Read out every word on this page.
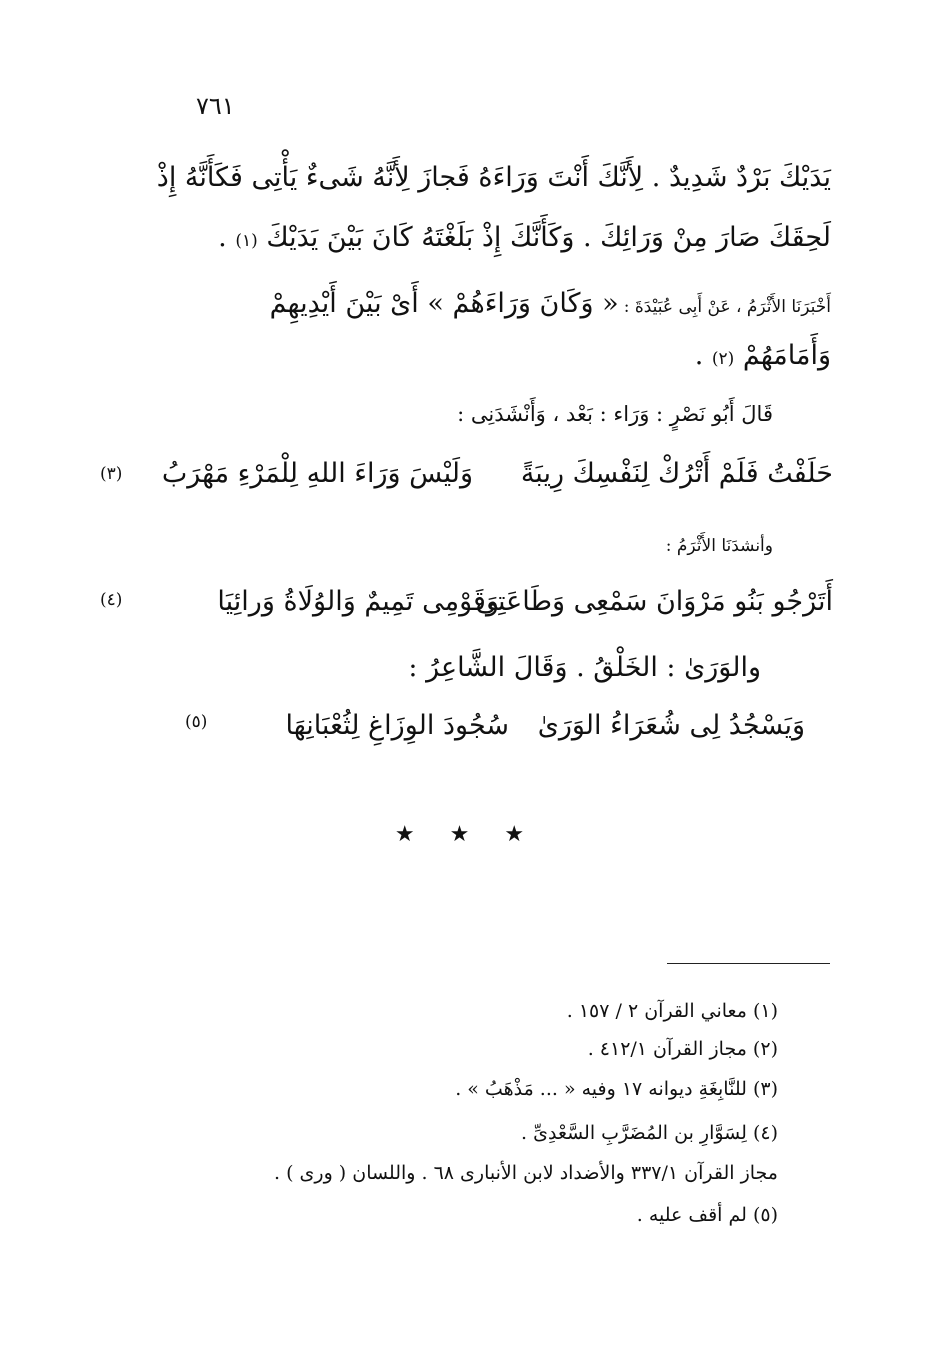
٧٦١
يَدَيْكَ بَرْدٌ شَدِيدٌ . لِأَنَّكَ أَنْتَ وَرَاءَهُ فَجازَ لِأَنَّهُ شَىءٌ يَأْتِى فَكَأَنَّهُ إِذْ
لَحِقَكَ صَارَ مِنْ وَرَائِكَ . وَكَأَنَّكَ إِذْ بَلَغْتَهُ كَانَ بَيْنَ يَدَيْكَ (١) .
أَخْبَرَنَا الأَثْرَمُ ، عَنْ أَبِى عُبَيْدَةَ : « وَكَانَ وَرَاءَهُمْ » أَىْ بَيْنَ أَيْدِيهِمْ
وَأَمَامَهُمْ (٢) .
قَالَ أَبُو نَصْرٍ : وَرَاء : بَعْد ، وَأَنْشَدَنِى :
حَلَفْتُ فَلَمْ أَتْرُكْ لِنَفْسِكَ رِيبَةً
وَلَيْسَ وَرَاءَ اللهِ لِلْمَرْءِ مَهْرَبُ
(٣)
وأنشدَنَا الأَثْرَمُ :
أَتَرْجُو بَنُو مَرْوَانَ سَمْعِى وَطَاعَتِى
وَقَوْمِى تَمِيمٌ وَالوُلَاةُ وَرائِيَا
(٤)
والوَرَىٰ : الخَلْقُ . وَقَالَ الشَّاعِرُ :
وَيَسْجُدُ لِى شُعَرَاءُ الوَرَىٰ
سُجُودَ الوِزَاغِ لِثُعْبَانِهَا
(٥)
★ ★ ★
(١) معاني القرآن ٢ / ١٥٧ .
(٢) مجاز القرآن ٤١٢/١ .
(٣) للنَّابِغَةِ ديوانه ١٧ وفيه « ... مَذْهَبُ » .
(٤) لِسَوَّارِ بن المُضَرَّبِ السَّعْدِىِّ .
مجاز القرآن ٣٣٧/١ والأضداد لابن الأنبارى ٦٨ . واللسان ( ورى ) .
(٥) لم أقف عليه .
